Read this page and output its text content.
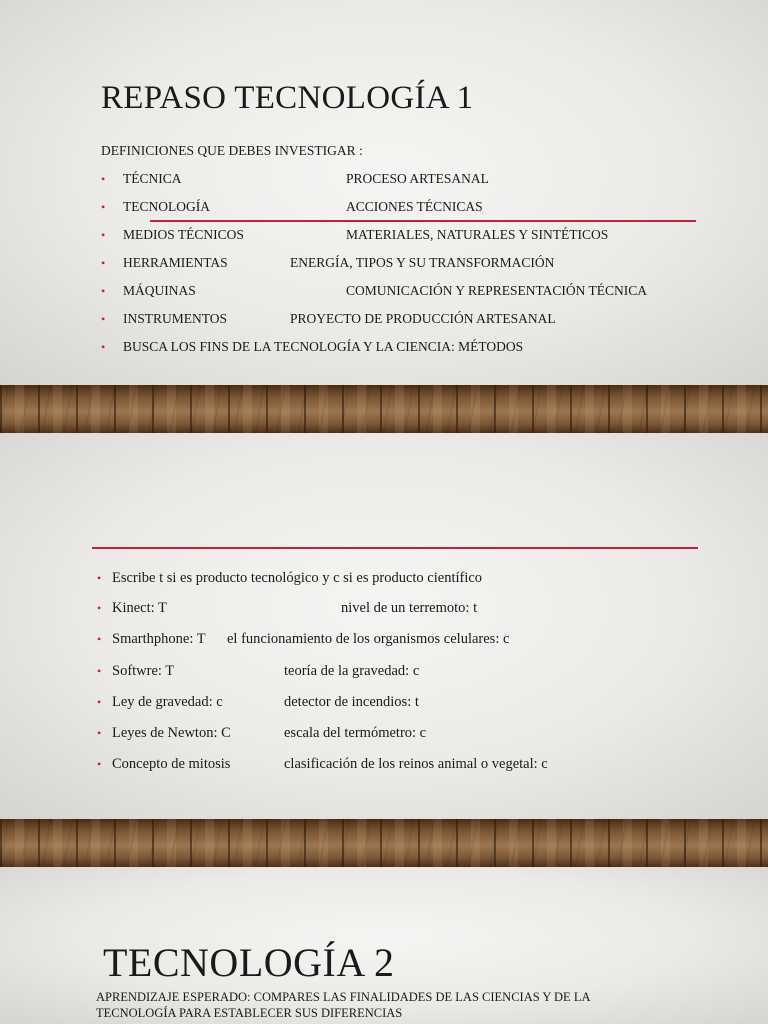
REPASO TECNOLOGÍA 1
DEFINICIONES QUE DEBES INVESTIGAR :
• TÉCNICA	PROCESO ARTESANAL
• TECNOLOGÍA	ACCIONES TÉCNICAS
• MEDIOS TÉCNICOS	MATERIALES, NATURALES Y SINTÉTICOS
• HERRAMIENTAS	ENERGÍA, TIPOS Y SU TRANSFORMACIÓN
• MÁQUINAS	COMUNICACIÓN Y REPRESENTACIÓN TÉCNICA
• INSTRUMENTOS	PROYECTO DE PRODUCCIÓN ARTESANAL
• BUSCA LOS FINS DE LA TECNOLOGÍA Y LA CIENCIA: MÉTODOS
• Escribe t si es producto tecnológico y c si es producto científico
• Kinect: T	nivel de un terremoto: t
• Smarthphone: T el funcionamiento de los organismos celulares: c
• Softwre: T	teoría de la gravedad: c
• Ley de gravedad: c	detector de incendios: t
• Leyes de Newton: C	escala del termómetro: c
• Concepto de mitosis	clasificación de los reinos animal o vegetal: c
TECNOLOGÍA 2
APRENDIZAJE ESPERADO: COMPARES LAS FINALIDADES DE LAS CIENCIAS Y DE LA TECNOLOGÍA PARA ESTABLECER SUS DIFERENCIAS
